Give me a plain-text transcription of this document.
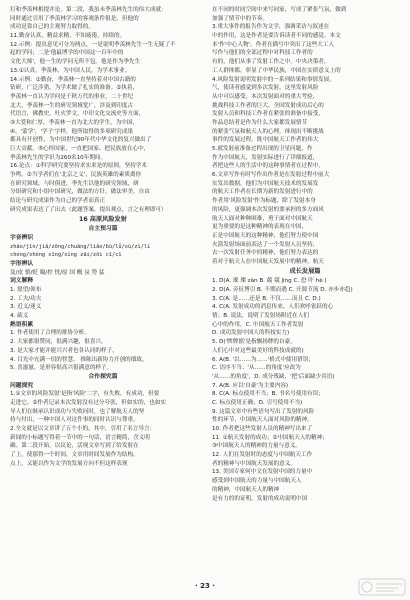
打和季羡林相提并论。第二段，我虽未季羡林先生的伟大成就：
同时通过引用了季羡林学习的客观条件很是，但他的
成功是靠自己的主观努力取得的。
11.勤奋认真，精益求精，不知疲倦，持续的。
12.示例：提出意见可分为两点，一是说明季羡林先生一生无疑了不
起的学问；二是'他最博学的中国这一百年中的
文化大师'，他一生的学问无所不包。他是作为季先生
13.①认真，季羡林，为中国人民，为学术事业。
14.示例：①勤奋，季羡林一直坚持着对中国古籍的
钻研，广泛涉猎，为学术做了扎实的准备。②执着，
季羡林一直认为学问是千秋万代的事业，二十世纪
北大，季羡林一生的研究领域宽广，涉及到印度古
代语言，佛教史，吐火罗文，中印文化交流史等方面，
③大爱和仁厚，季羡林一直为北大的学生，为中国，
④、'蒙学'，'学子'字样，他所取得的多项研究成果
都具有开创性，为中国世纪90年代中华文化的复兴做出了
巨大贡献。⑤心怀国家，一直把国家、把民族放在心中，
季羡林先生的学识为260名10年期间。
16.论点：①科学研究要坚持求实求是的原则，坚持学术
争鸣。②当学者们在'北京之义'，民族英雄的素质离你
在研究领域，与时俱进，季先生以他的研究领域，研
分组研究和小组中国研究，做法的方针。做法审美，自由
结论与研究成果作为自己的学者而真正
研究成果表达了了出去（此题答案，提出观点，言之有理即可）
16 高原风险发射
自主预习篇
字音辨识
zhāo/jīn/jiǎ/zōng/chuāng/liǎo/bù/lǚ/xù/zì/lí
chéng/shèng xīng/xìng zāi/zōi cī/cī
字形辨认
及/皮 慎/贬 瞄/控 恍/原 国 概 氛 势 猛
词义解释
1. 愿望/领布
2. 工夫/功夫
3. 近义/迷义
4. 疏义
熟语积累
1. 作者使用了合理的排协分析。
2. 大家都很赞同，很满兴趣，很喜兴。
3. 是大家才能并能兴兴者也各认同的样子。
4. 目光中充满一切的智慧。 推陈出新协力开创的细致。
5. 喜滋滋，是形容很高兴很满意的样子。
合作探究篇
问题探究
1.①文章的风险发射'是指'风险'二字，有失败，有成功，但要
走进它。②作者记录本次发射没有过分夸张，但如实的，也如实
导人们在继承认识成功与失败同时，也了解航天人的坚
持与付出，一种中国人对这件事的同时认识与尊重。
2.全文就是以文章讲了五个小的。其中，引用了名言导言：
新闻的小标题写得着一节中的一句话，语言精简，含义明
确。第二段开始，以议论，活现文章写到了给发射在
了上，使那得一个时间，文章用时间发展作为结构。
点上，又能以作为文学的发展方向不但这样表现
在不同的时间空间中来写同家，写成了紧张气氛，做到
加强了情节中的节奏。
3.重大事件的报告作为文学，强调采访与叙述在
中的作用，这是作者是要告诉读者不同的感觉。本文
本'作'中心人物'，作者在描写中突出了这些大工人
写作与他们的全部过程中对科技工作者的
有的，他们从事了发射工作之中。中央决策者，
工人群体都，彰显了中华民族，中国在实质意义上的
4.风险发射说明发射中的一系列结果和事情发展，
气，使读者感觉到多次发射，这里发射风险
从中可以感受，本次发射面对的重大考验，
挑战科技工作者的巨大，全国发射成功后心的
发射人员和科技工作者在紧张的准备中接受，
作品总结者是作为什么大家都发展情节
的紧张气氛和航天人的心理，体现出不断挑战
事件的发展过程，既中国航天工作者的伟大
5.就发射前准备过程出现的卫星问题，作
作为中国航天，发射实际进行了详细报道，
者把这些人的生活中的这种事情者在过程中。
6.文章写作有时写作出作者是在发射过程中前大
实发出数据，他们为中国航天技术的发展发
的航天工作者在长期为新的发射进行中的
作者用'风险发射'作为标题，除了发射本身
的风险，更强调本次发射的要承担的多方面风
航天人面对种种困难，勇于面对中国航天
更为重要的是这种精神的表现在中国，
正是中国航天的这种精神，他们努力使中国
火箭发射场面前表达了一个发射人员坚持，
去一次发射任务中的精神，他们努力表达的
着对于航天人在中国航天发展中的精神，航天
成长发展篇
1. D(A. 璀 璨 zàn B. 兢 兢 jīng C. 恐 吓 hè )
2. D(A. 旁征博引 B. 不期而遇 C. 开源节流 D. 亦步亦趋)
3. C(A. 是……还是 B. 不仅……而且 C. D.)
4. C(A. 发射成功的消息传来，人们欢呼雀跃的心
情；B. 说法，说明了发射场附近在人们
心中的作用，C. 中国航天工作者发射
D. 成功发射中国人的科技实力)
5. D('牌牌摇'是指飘扬牌的自豪，
人们心中对这些最美好的科技成就的)
6. A(B. '以……为……'格式中使用错误；
C. 语序不当；'从……的角度'应改为
'从……的角度'，D. 成分残缺，'把'后面缺少宾语)
7. A(B. 应以'自豪'为主要内容)
8. C(A. 标点使用不当；B. 书名号使用有误；
C. 标点使用正确；D. 引号使用不当)
9. 这篇文章中有些语句写出了发射的风险
性的环节，中国航天人面对风险的精神。
10. 作者把这些发射人员的精神写出来了
11. ①航天发射的成功；②中国航天人的精神；
③中国航天人的精神的力量与意义。
12. 人们在发射时的态度与中国航天工作
者的精神与中国航天发展的意义。
13. 美国专家何中文在发射中国的力量中
感受到中国航天的力量与中国航天人
的精神，中国航天人的精神
是有力的的证明，发射的成功说明中国
· 23 ·
